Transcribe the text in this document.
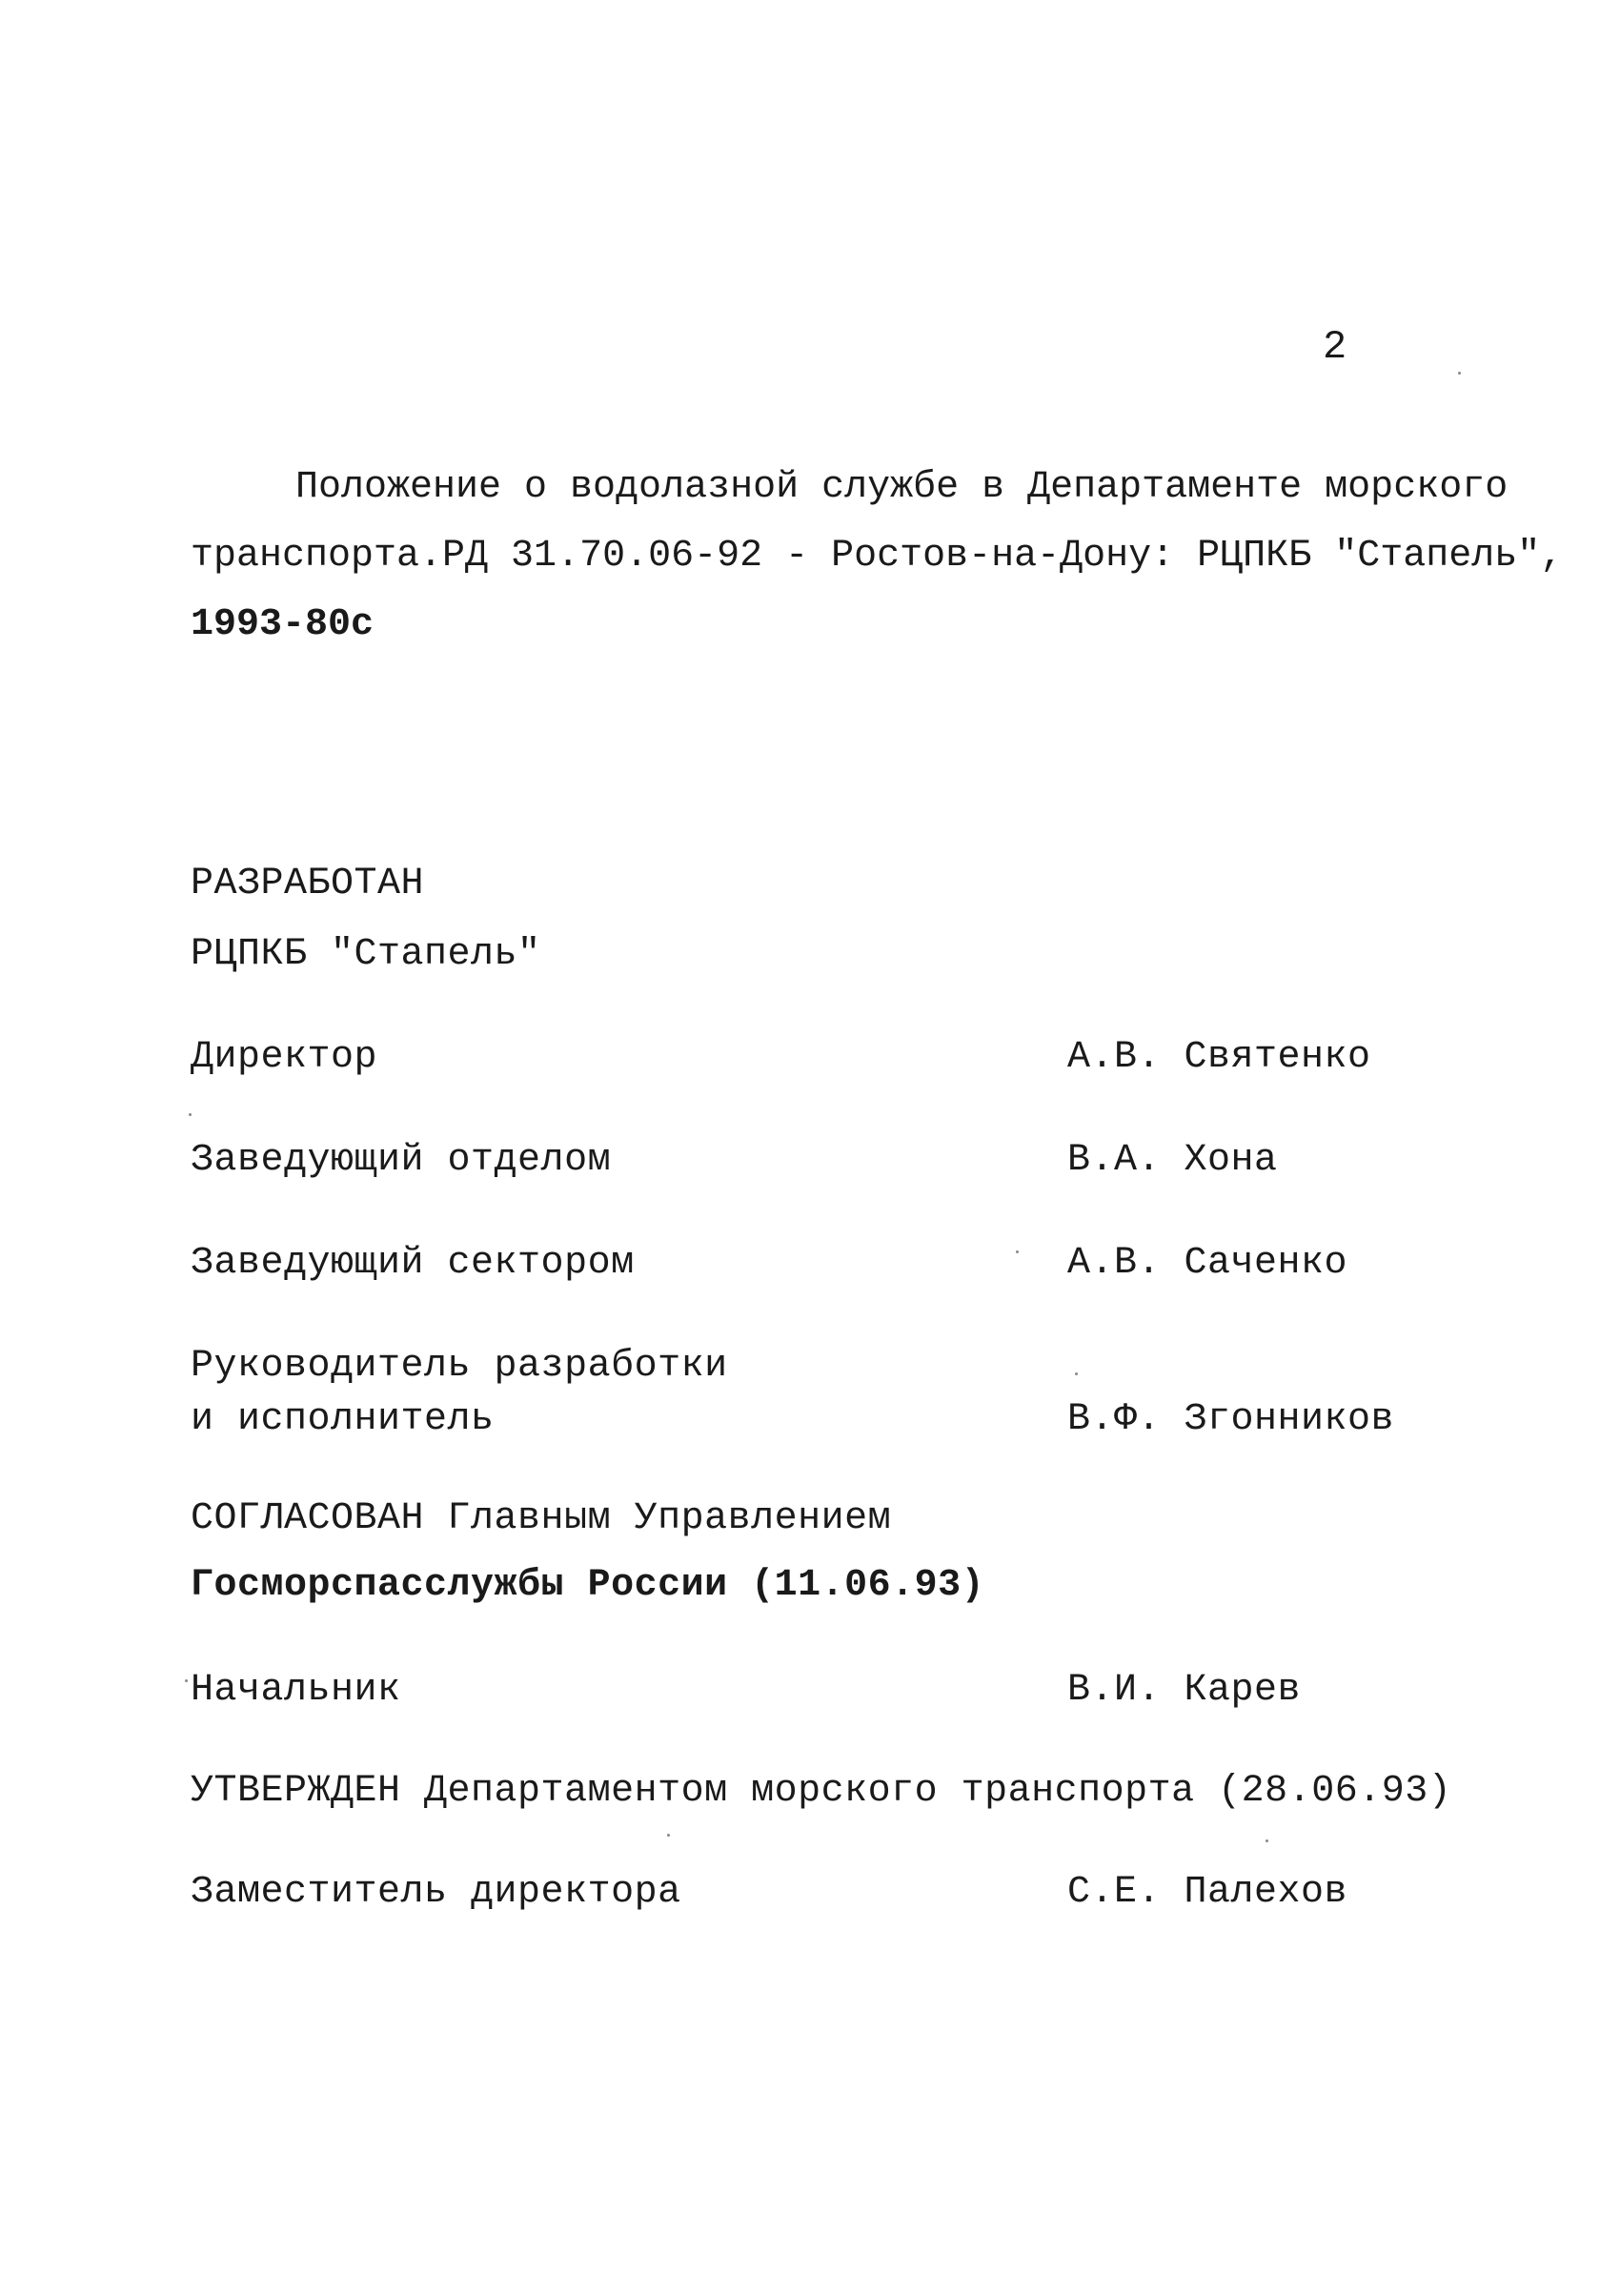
2
Положение о водолазной службе в Департаменте морского
транспорта.РД 31.70.06-92 - Ростов-на-Дону: РЦПКБ "Стапель",
1993-80с
РАЗРАБОТАН
РЦПКБ "Стапель"
Директор	А.В. Святенко
Заведующий отделом	В.А. Хона
Заведующий сектором	А.В. Саченко
Руководитель разработки
и исполнитель	В.Ф. Згонников
СОГЛАСОВАН Главным Управлением
Госморспасслужбы России (11.06.93)
Начальник	В.И. Карев
УТВЕРЖДЕН Департаментом морского транспорта (28.06.93)
Заместитель директора	С.Е. Палехов
